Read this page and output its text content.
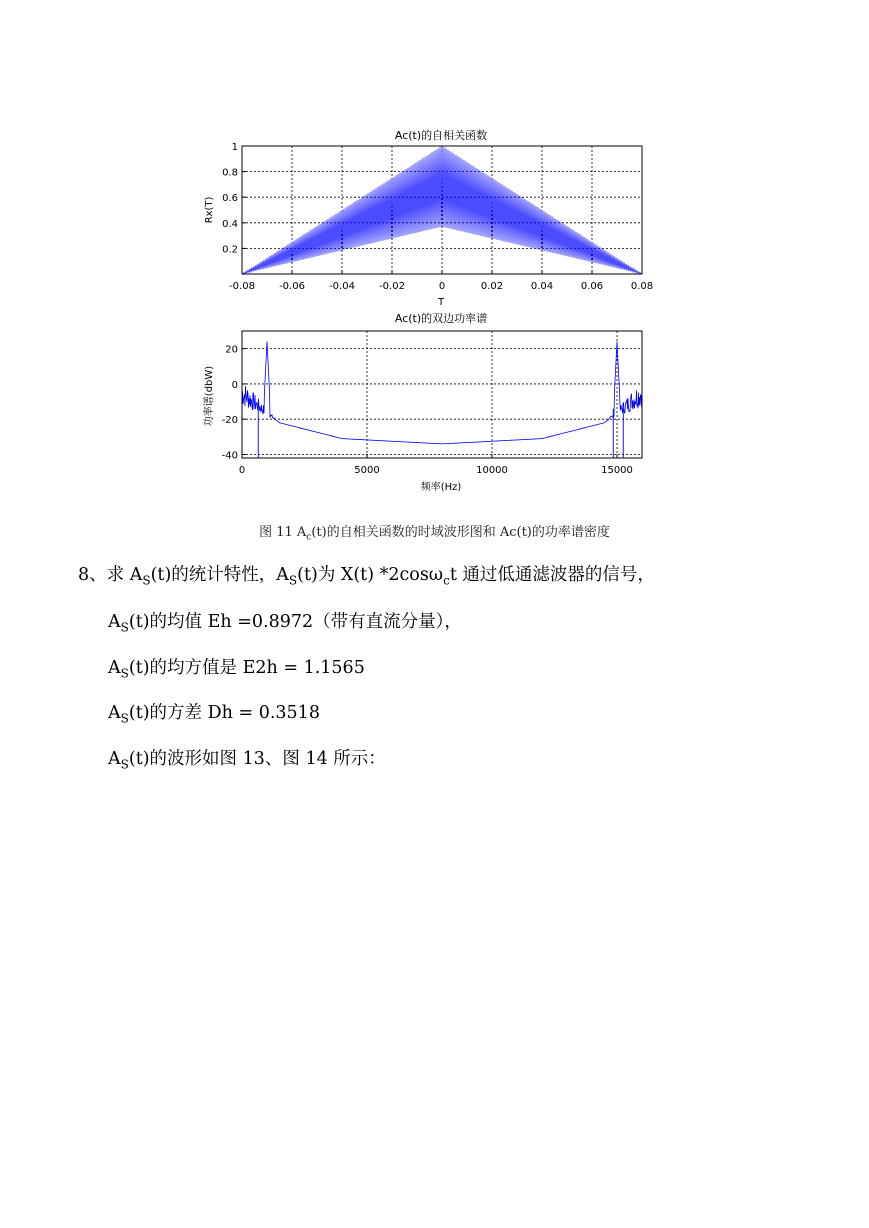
Ac(t)的自相关函数
-0.08 -0.06 -0.04 -0.02	0	0.02	0.04	0.06	0.08
0.2
0.4
0.6
0.8
1
T
Rx(T)
Ac(t)的双边功率谱
0	5000	10000	15000
-40
-20
0
20
频率(Hz)
功率谱(dbW)
图 11 $A_c(t)$的自相关函数的时域波形图和 Ac(t)的功率谱密度
8、求 $A_S(t)$的统计特性，$A_S(t)$为 X(t) *2cosω$_c$t 通过低通滤波器的信号，
$A_S(t)$的均值 Eh =0.8972（带有直流分量），
$A_S(t)$的均方值是 E2h = 1.1565
$A_S(t)$的方差 Dh = 0.3518
$A_S(t)$的波形如图 13、图 14 所示：
